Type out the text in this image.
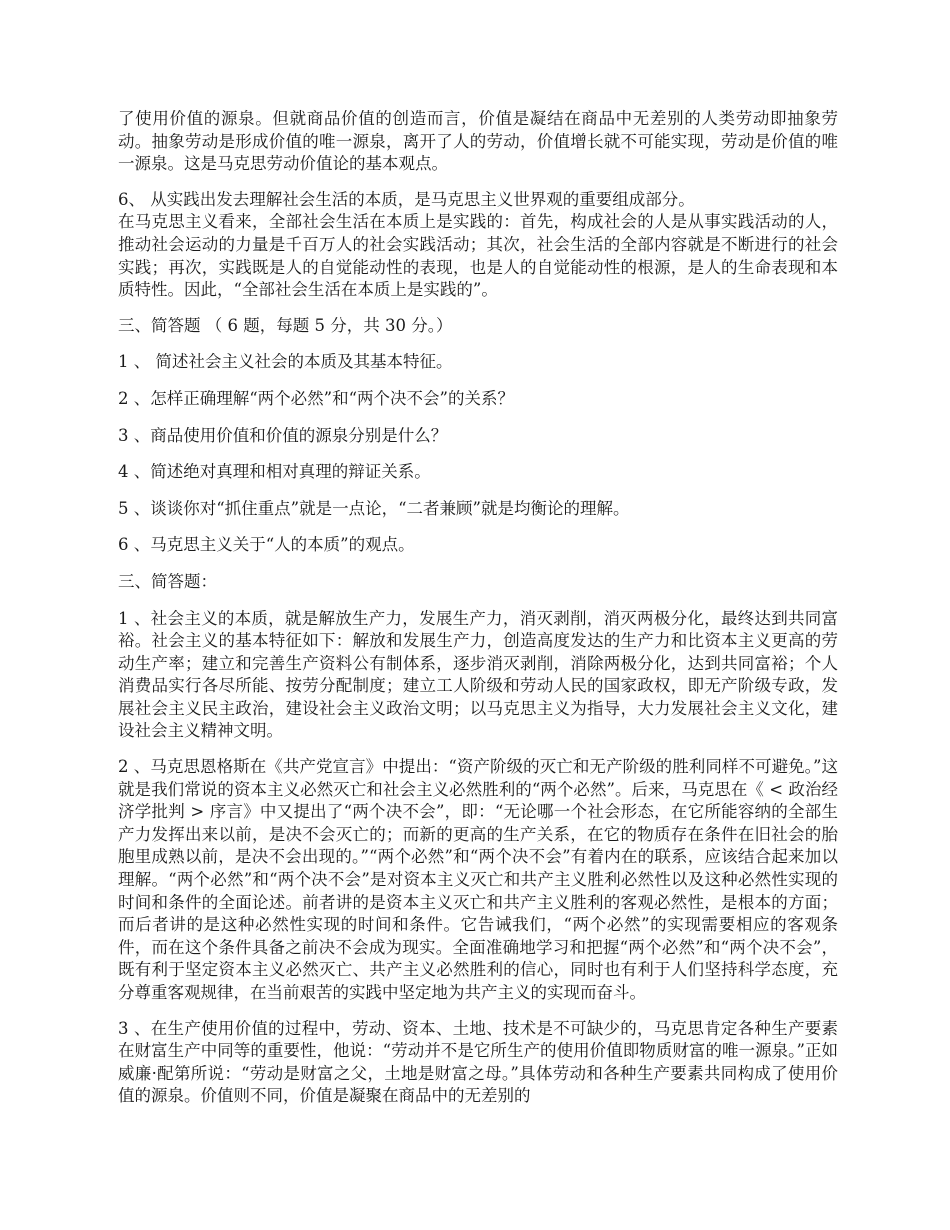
了使用价值的源泉。但就商品价值的创造而言，价值是凝结在商品中无差别的人类劳动即抽象劳动。抽象劳动是形成价值的唯一源泉，离开了人的劳动，价值增长就不可能实现，劳动是价值的唯一源泉。这是马克思劳动价值论的基本观点。

6、 从实践出发去理解社会生活的本质，是马克思主义世界观的重要组成部分。

在马克思主义看来，全部社会生活在本质上是实践的：首先，构成社会的人是从事实践活动的人，推动社会运动的力量是千百万人的社会实践活动；其次，社会生活的全部内容就是不断进行的社会实践；再次，实践既是人的自觉能动性的表现，也是人的自觉能动性的根源，是人的生命表现和本质特性。因此，“全部社会生活在本质上是实践的”。

三、简答题 （ 6 题，每题 5 分，共 30 分。）

1 、 简述社会主义社会的本质及其基本特征。

2 、怎样正确理解“两个必然”和“两个决不会”的关系？

3 、商品使用价值和价值的源泉分别是什么？

4 、简述绝对真理和相对真理的辩证关系。

5 、谈谈你对“抓住重点”就是一点论，“二者兼顾”就是均衡论的理解。

6 、马克思主义关于“人的本质”的观点。

三、简答题：

1 、社会主义的本质，就是解放生产力，发展生产力，消灭剥削，消灭两极分化，最终达到共同富裕。社会主义的基本特征如下：解放和发展生产力，创造高度发达的生产力和比资本主义更高的劳动生产率；建立和完善生产资料公有制体系，逐步消灭剥削，消除两极分化，达到共同富裕；个人消费品实行各尽所能、按劳分配制度；建立工人阶级和劳动人民的国家政权，即无产阶级专政，发展社会主义民主政治，建设社会主义政治文明；以马克思主义为指导，大力发展社会主义文化，建设社会主义精神文明。

2 、马克思恩格斯在《共产党宣言》中提出：“资产阶级的灭亡和无产阶级的胜利同样不可避免。”这就是我们常说的资本主义必然灭亡和社会主义必然胜利的“两个必然”。后来，马克思在《 < 政治经济学批判 > 序言》中又提出了“两个决不会”，即：“无论哪一个社会形态，在它所能容纳的全部生产力发挥出来以前，是决不会灭亡的；而新的更高的生产关系，在它的物质存在条件在旧社会的胎胞里成熟以前，是决不会出现的。”“两个必然”和“两个决不会”有着内在的联系，应该结合起来加以理解。“两个必然”和“两个决不会”是对资本主义灭亡和共产主义胜利必然性以及这种必然性实现的时间和条件的全面论述。前者讲的是资本主义灭亡和共产主义胜利的客观必然性，是根本的方面；而后者讲的是这种必然性实现的时间和条件。它告诫我们，“两个必然”的实现需要相应的客观条件，而在这个条件具备之前决不会成为现实。全面准确地学习和把握“两个必然”和“两个决不会”，既有利于坚定资本主义必然灭亡、共产主义必然胜利的信心，同时也有利于人们坚持科学态度，充分尊重客观规律，在当前艰苦的实践中坚定地为共产主义的实现而奋斗。

3 、在生产使用价值的过程中，劳动、资本、土地、技术是不可缺少的，马克思肯定各种生产要素在财富生产中同等的重要性，他说：“劳动并不是它所生产的使用价值即物质财富的唯一源泉。”正如威廉·配第所说：“劳动是财富之父，土地是财富之母。”具体劳动和各种生产要素共同构成了使用价值的源泉。价值则不同，价值是凝聚在商品中的无差别的
